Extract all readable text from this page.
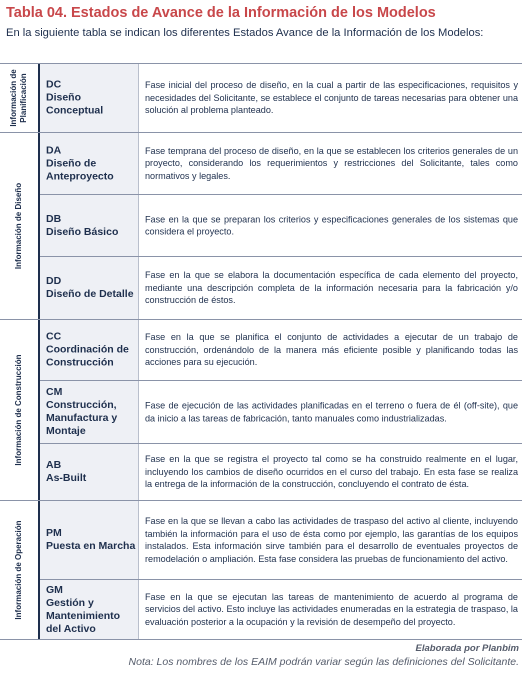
Tabla 04. Estados de Avance de la Información de los Modelos
En la siguiente tabla se indican los diferentes Estados Avance de la Información de los Modelos:
Información de
Planificación
Información de Diseño
Información de Construcción
Información de Operación
DC
Diseño Conceptual
Fase inicial del proceso de diseño, en la cual a partir de las especificaciones, requisitos y necesidades del Solicitante, se establece el conjunto de tareas necesarias para obtener una solución al problema planteado.
DA
Diseño de Anteproyecto
Fase temprana del proceso de diseño, en la que se establecen los criterios generales de un proyecto, considerando los requerimientos y restricciones del Solicitante, tales como normativos y legales.
DB
Diseño Básico
Fase en la que se preparan los criterios y especificaciones generales de los sistemas que considera el proyecto.
DD
Diseño de Detalle
Fase en la que se elabora la documentación específica de cada elemento del proyecto, mediante una descripción completa de la información necesaria para la fabricación y/o construcción de éstos.
CC
Coordinación de Construcción
Fase en la que se planifica el conjunto de actividades a ejecutar de un trabajo de construcción, ordenándolo de la manera más eficiente posible y planificando todas las acciones para su ejecución.
CM
Construcción, Manufactura y Montaje
Fase de ejecución de las actividades planificadas en el terreno o fuera de él (off-site), que da inicio a las tareas de fabricación, tanto manuales como industrializadas.
AB
As-Built
Fase en la que se registra el proyecto tal como se ha construido realmente en el lugar, incluyendo los cambios de diseño ocurridos en el curso del trabajo. En esta fase se realiza la entrega de la información de la construcción, concluyendo el contrato de ésta.
PM
Puesta en Marcha
Fase en la que se llevan a cabo las actividades de traspaso del activo al cliente, incluyendo también la información para el uso de ésta como por ejemplo, las garantías de los equipos instalados. Esta información sirve también para el desarrollo de eventuales proyectos de remodelación o ampliación. Esta fase considera las pruebas de funcionamiento del activo.
GM
Gestión y Mantenimiento del Activo
Fase en la que se ejecutan las tareas de mantenimiento de acuerdo al programa de servicios del activo. Esto incluye las actividades enumeradas en la estrategia de traspaso, la evaluación posterior a la ocupación y la revisión de desempeño del proyecto.
Elaborada por Planbim
Nota: Los nombres de los EAIM podrán variar según las definiciones del Solicitante.
